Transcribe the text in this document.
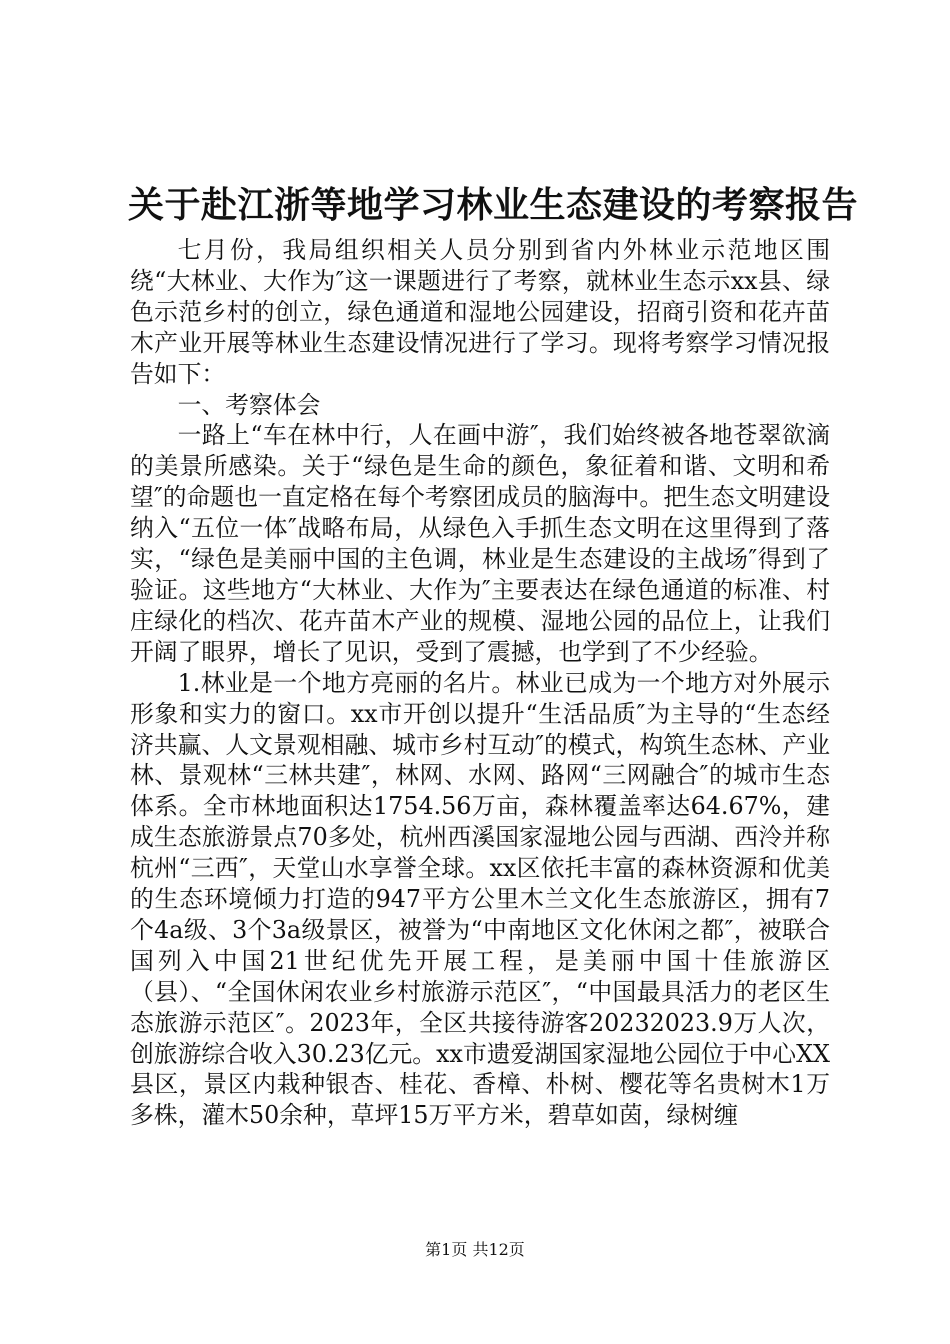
关于赴江浙等地学习林业生态建设的考察报告

七月份，我局组织相关人员分别到省内外林业示范地区围绕“大林业、大作为″这一课题进行了考察，就林业生态示xx县、绿色示范乡村的创立，绿色通道和湿地公园建设，招商引资和花卉苗木产业开展等林业生态建设情况进行了学习。现将考察学习情况报告如下：

一、考察体会

一路上“车在林中行，人在画中游″，我们始终被各地苍翠欲滴的美景所感染。关于“绿色是生命的颜色，象征着和谐、文明和希望″的命题也一直定格在每个考察团成员的脑海中。把生态文明建设纳入“五位一体″战略布局，从绿色入手抓生态文明在这里得到了落实，“绿色是美丽中国的主色调，林业是生态建设的主战场″得到了验证。这些地方“大林业、大作为″主要表达在绿色通道的标准、村庄绿化的档次、花卉苗木产业的规模、湿地公园的品位上，让我们开阔了眼界，增长了见识，受到了震撼，也学到了不少经验。

1.林业是一个地方亮丽的名片。林业已成为一个地方对外展示形象和实力的窗口。xx市开创以提升“生活品质″为主导的“生态经济共赢、人文景观相融、城市乡村互动″的模式，构筑生态林、产业林、景观林“三林共建″，林网、水网、路网“三网融合″的城市生态体系。全市林地面积达1754.56万亩，森林覆盖率达64.67%，建成生态旅游景点70多处，杭州西溪国家湿地公园与西湖、西泠并称杭州“三西″，天堂山水享誉全球。xx区依托丰富的森林资源和优美的生态环境倾力打造的947平方公里木兰文化生态旅游区，拥有7个4a级、3个3a级景区，被誉为“中南地区文化休闲之都″，被联合国列入中国21世纪优先开展工程，是美丽中国十佳旅游区（县）、“全国休闲农业乡村旅游示范区″，“中国最具活力的老区生态旅游示范区″。2023年，全区共接待游客20232023.9万人次，创旅游综合收入30.23亿元。xx市遗爱湖国家湿地公园位于中心XX县区，景区内栽种银杏、桂花、香樟、朴树、樱花等名贵树木1万多株，灌木50余种，草坪15万平方米，碧草如茵，绿树缠

第1页 共12页
